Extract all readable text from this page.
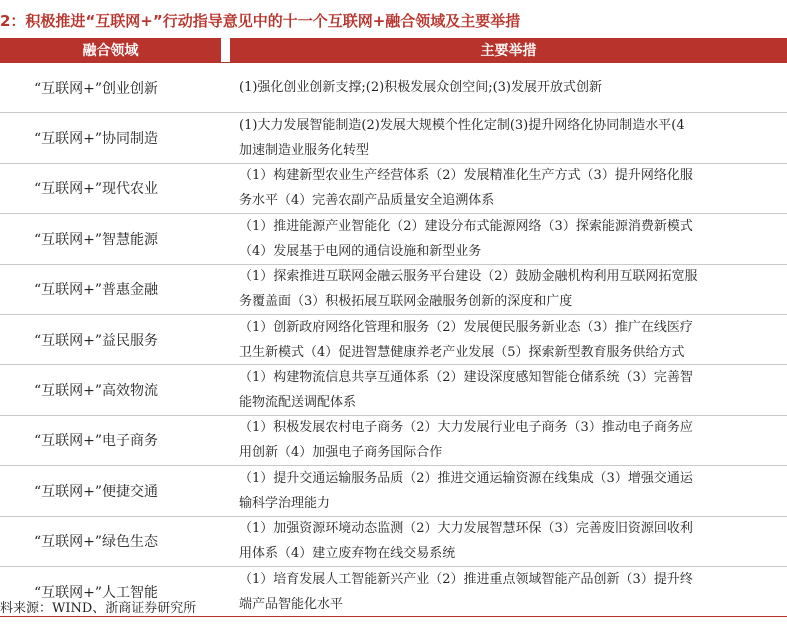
2：积极推进“互联网+”行动指导意见中的十一个互联网+融合领域及主要举措
融合领域	主要举措
“互联网+”创业创新	(1)强化创业创新支撑;(2)积极发展众创空间;(3)发展开放式创新
“互联网+”协同制造
(1)大力发展智能制造(2)发展大规模个性化定制(3)提升网络化协同制造水平(4
加速制造业服务化转型
“互联网+”现代农业
（1）构建新型农业生产经营体系（2）发展精准化生产方式（3）提升网络化服
务水平（4）完善农副产品质量安全追溯体系
“互联网+”智慧能源
（1）推进能源产业智能化（2）建设分布式能源网络（3）探索能源消费新模式
（4）发展基于电网的通信设施和新型业务
“互联网+”普惠金融
（1）探索推进互联网金融云服务平台建设（2）鼓励金融机构利用互联网拓宽服
务覆盖面（3）积极拓展互联网金融服务创新的深度和广度
“互联网+”益民服务
（1）创新政府网络化管理和服务（2）发展便民服务新业态（3）推广在线医疗
卫生新模式（4）促进智慧健康养老产业发展（5）探索新型教育服务供给方式
“互联网+”高效物流
（1）构建物流信息共享互通体系（2）建设深度感知智能仓储系统（3）完善智
能物流配送调配体系
“互联网+”电子商务
（1）积极发展农村电子商务（2）大力发展行业电子商务（3）推动电子商务应
用创新（4）加强电子商务国际合作
“互联网+”便捷交通
（1）提升交通运输服务品质（2）推进交通运输资源在线集成（3）增强交通运
输科学治理能力
“互联网+”绿色生态
（1）加强资源环境动态监测（2）大力发展智慧环保（3）完善废旧资源回收利
用体系（4）建立废弃物在线交易系统
“互联网+”人工智能
（1）培育发展人工智能新兴产业（2）推进重点领域智能产品创新（3）提升终
端产品智能化水平
料来源：WIND、浙商证券研究所
